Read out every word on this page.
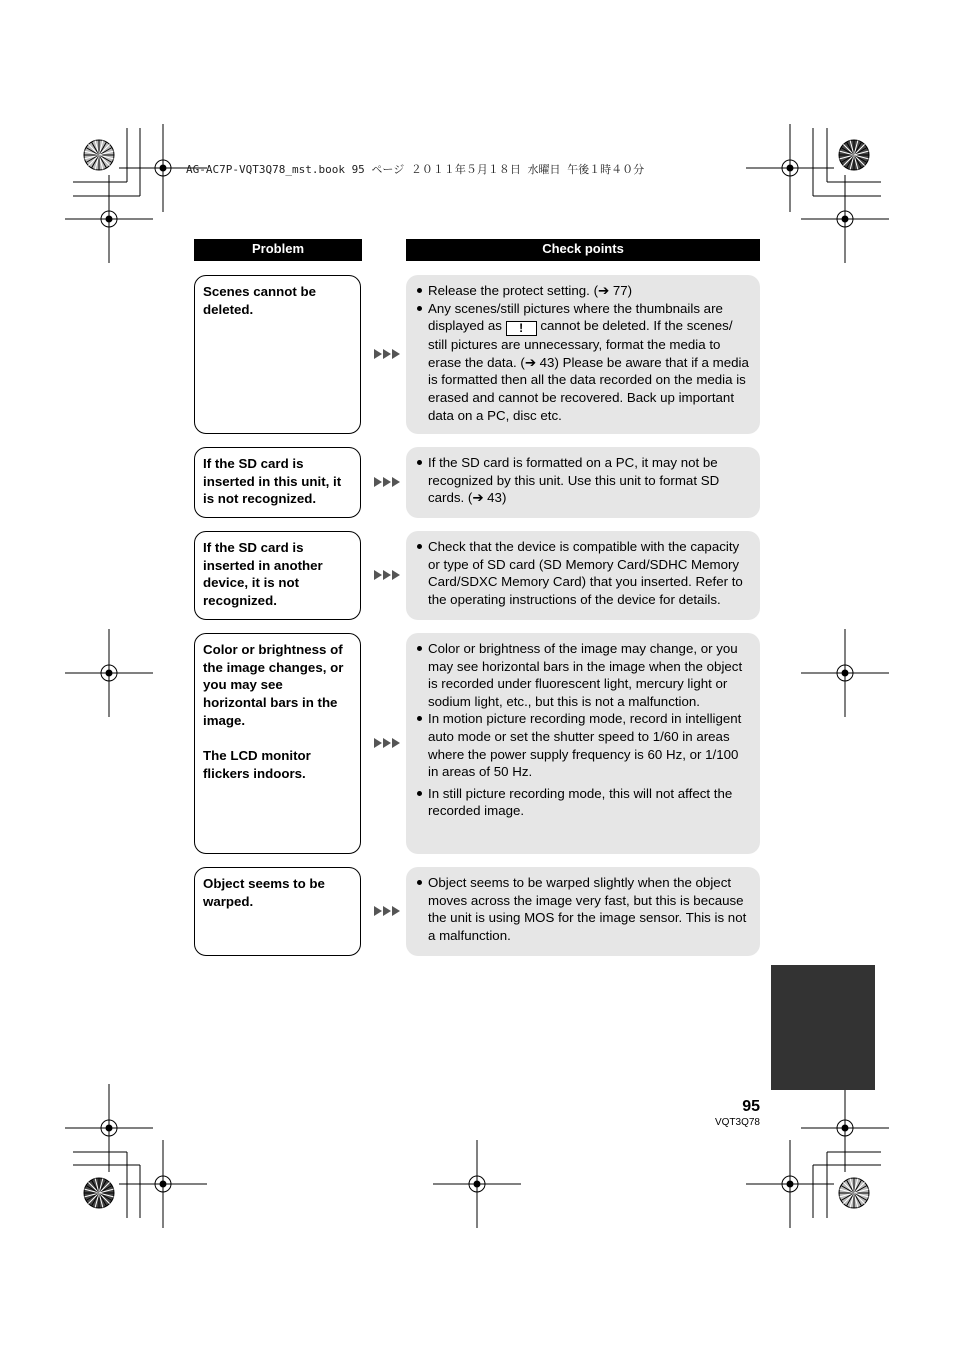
AG-AC7P-VQT3Q78_mst.book 95 ページ ２０１１年５月１８日 水曜日 午後１時４０分
Problem	Check points
Scenes cannot be
deleted.
Release the protect setting. (➔ 77)
Any scenes/still pictures where the thumbnails are displayed as ! cannot be deleted. If the scenes/ still pictures are unnecessary, format the media to erase the data. (➔ 43) Please be aware that if a media is formatted then all the data recorded on the media is erased and cannot be recovered. Back up important data on a PC, disc etc.
If the SD card is
inserted in this unit, it
is not recognized.
If the SD card is formatted on a PC, it may not be recognized by this unit. Use this unit to format SD cards. (➔ 43)
If the SD card is
inserted in another
device, it is not
recognized.
Check that the device is compatible with the capacity or type of SD card (SD Memory Card/SDHC Memory Card/SDXC Memory Card) that you inserted. Refer to the operating instructions of the device for details.
Color or brightness of
the image changes, or
you may see
horizontal bars in the
image.
The LCD monitor
flickers indoors.
Color or brightness of the image may change, or you may see horizontal bars in the image when the object is recorded under fluorescent light, mercury light or sodium light, etc., but this is not a malfunction.
In motion picture recording mode, record in intelligent auto mode or set the shutter speed to 1/60 in areas where the power supply frequency is 60 Hz, or 1/100 in areas of 50 Hz.
In still picture recording mode, this will not affect the recorded image.
Object seems to be
warped.
Object seems to be warped slightly when the object moves across the image very fast, but this is because the unit is using MOS for the image sensor. This is not a malfunction.
95
VQT3Q78
